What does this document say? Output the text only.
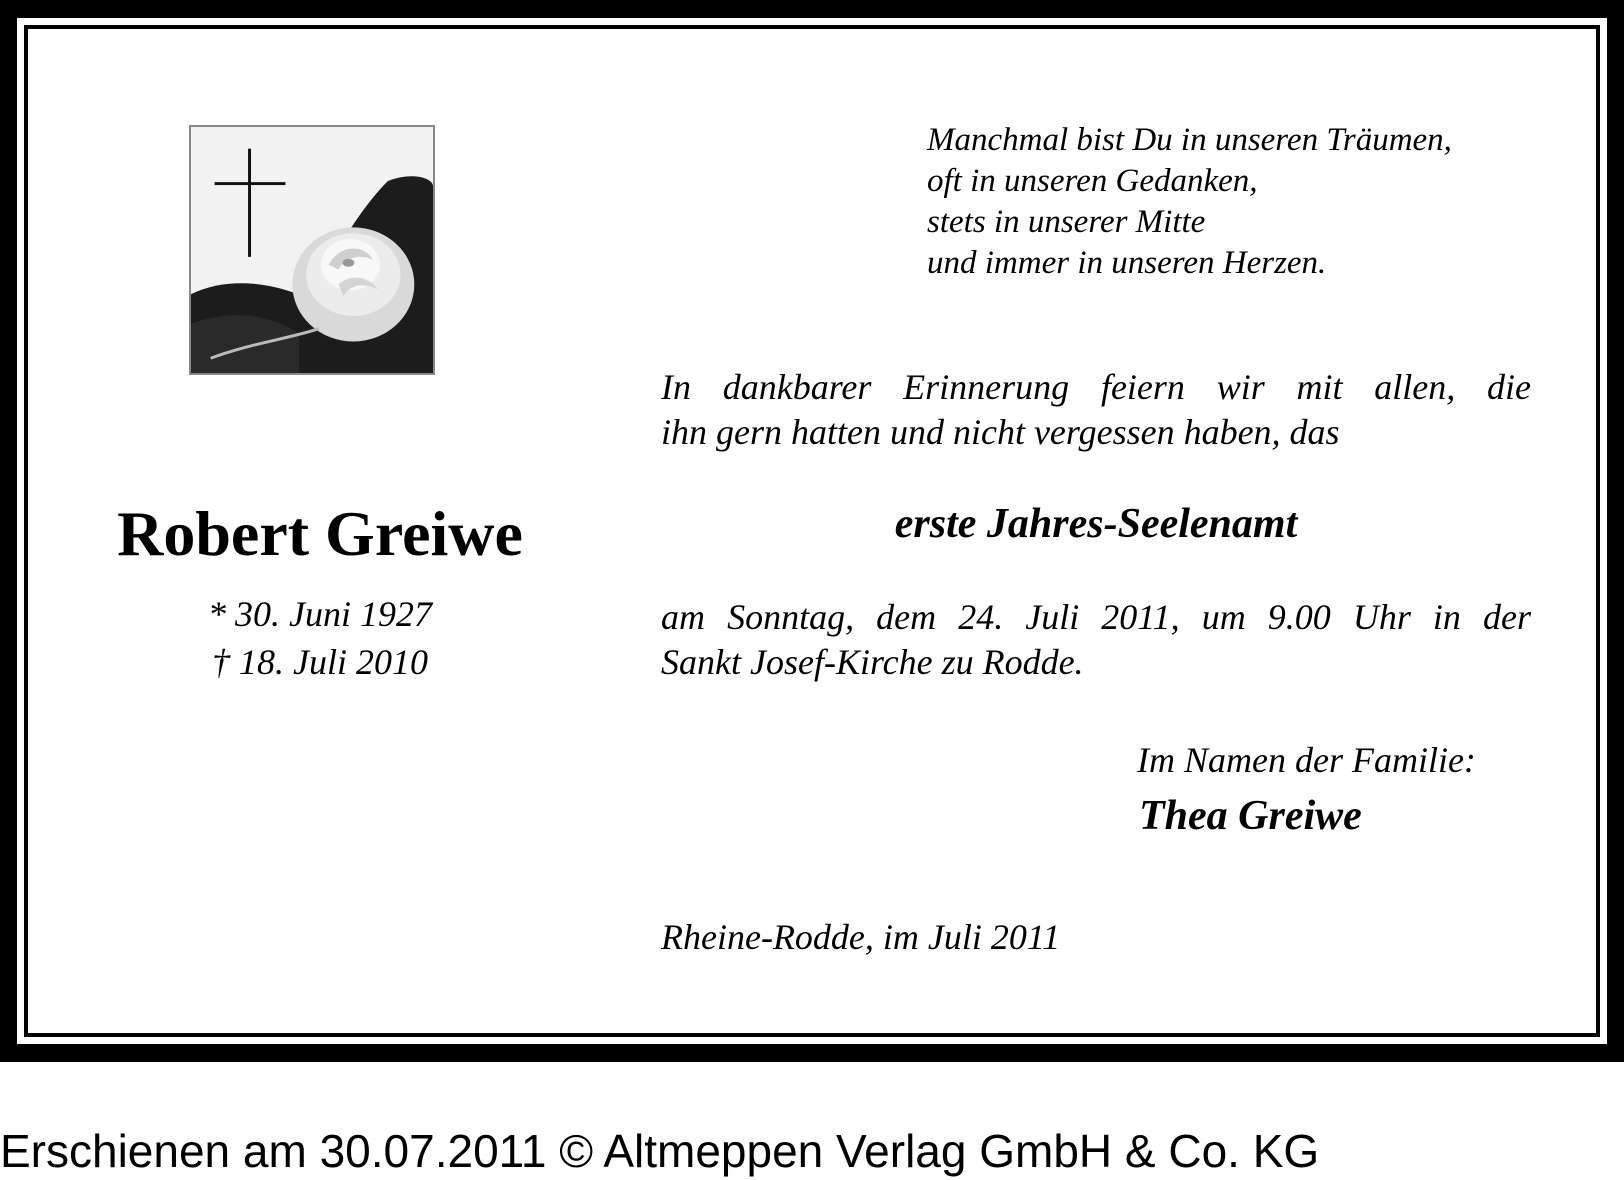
Manchmal bist Du in unseren Träumen,
oft in unseren Gedanken,
stets in unserer Mitte
und immer in unseren Herzen.
In dankbarer Erinnerung feiern wir mit allen, die
ihn gern hatten und nicht vergessen haben, das
erste Jahres-Seelenamt
am Sonntag, dem 24. Juli 2011, um 9.00 Uhr in der
Sankt Josef-Kirche zu Rodde.
Robert Greiwe
* 30. Juni 1927
† 18. Juli 2010
Im Namen der Familie:
Thea Greiwe
Rheine-Rodde, im Juli 2011
Erschienen am 30.07.2011 © Altmeppen Verlag GmbH & Co. KG
